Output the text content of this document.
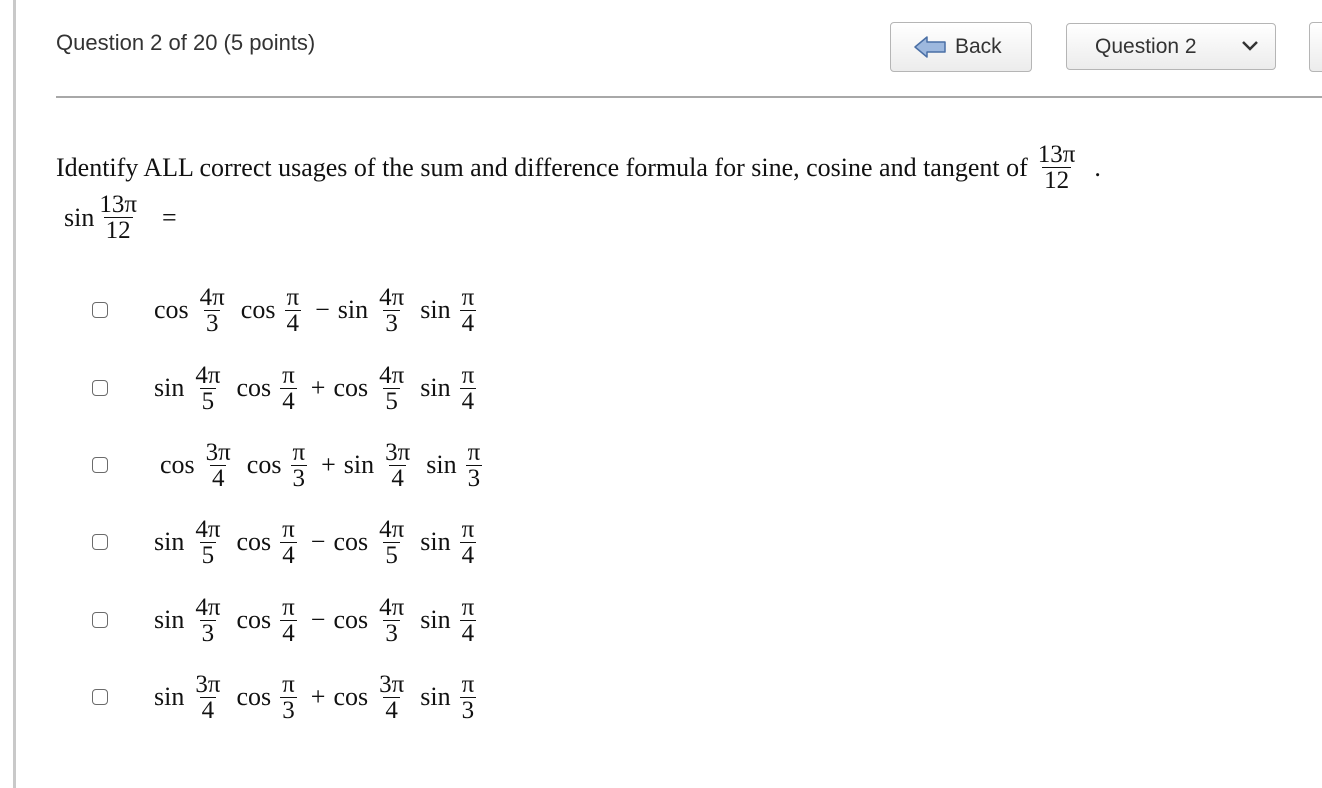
Question 2 of 20 (5 points)	Back	Question 2
Identify ALL correct usages of the sum and difference formula for sine, cosine and tangent of $\frac{13\pi}{12}$ .
$\sin \frac{13\pi}{12}$ =
$\cos \frac{4\pi}{3}$ $\cos \frac{\pi}{4} - \sin \frac{4\pi}{3}$ $\sin \frac{\pi}{4}$
$\sin \frac{4\pi}{5}$ $\cos \frac{\pi}{4} + \cos \frac{4\pi}{5}$ $\sin \frac{\pi}{4}$
$\cos \frac{3\pi}{4}$ $\cos \frac{\pi}{3} + \sin \frac{3\pi}{4}$ $\sin \frac{\pi}{3}$
$\sin \frac{4\pi}{5}$ $\cos \frac{\pi}{4} - \cos \frac{4\pi}{5}$ $\sin \frac{\pi}{4}$
$\sin \frac{4\pi}{3}$ $\cos \frac{\pi}{4} - \cos \frac{4\pi}{3}$ $\sin \frac{\pi}{4}$
$\sin \frac{3\pi}{4}$ $\cos \frac{\pi}{3} + \cos \frac{3\pi}{4}$ $\sin \frac{\pi}{3}$
